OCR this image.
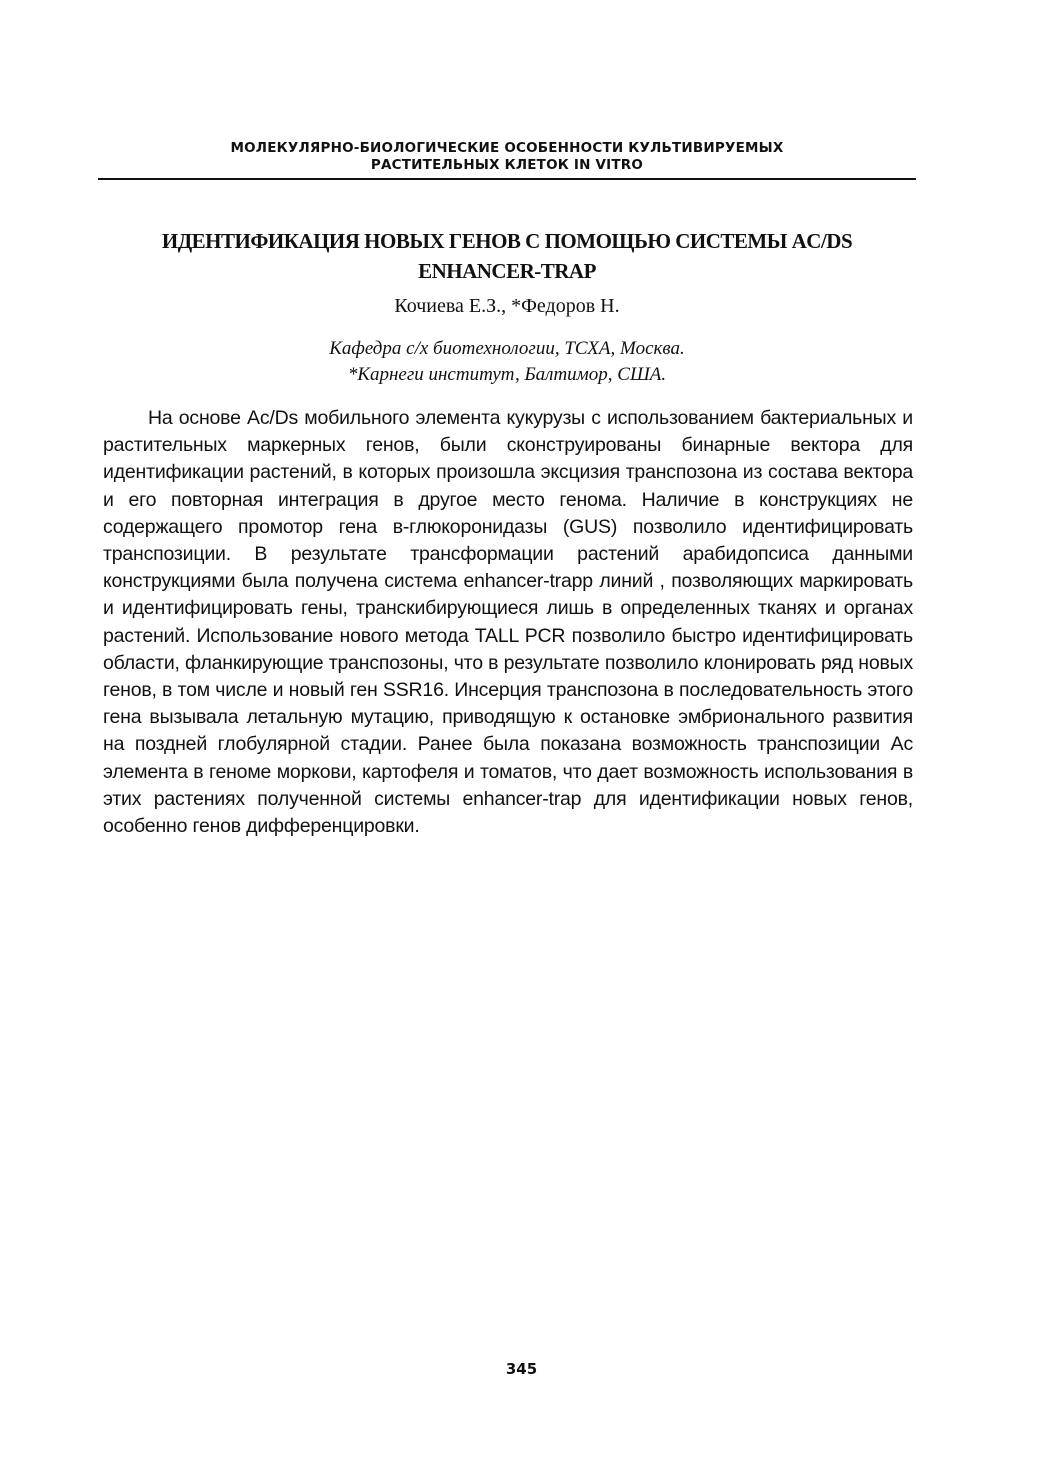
МОЛЕКУЛЯРНО-БИОЛОГИЧЕСКИЕ ОСОБЕННОСТИ КУЛЬТИВИРУЕМЫХ
РАСТИТЕЛЬНЫХ КЛЕТОК IN VITRO
ИДЕНТИФИКАЦИЯ НОВЫХ ГЕНОВ С ПОМОЩЬЮ СИСТЕМЫ AC/DS
ENHANCER-TRAP
Кочиева Е.З., *Федоров Н.
Кафедра с/х биотехнологии, ТСХА, Москва.
*Карнеги институт, Балтимор, США.

На основе Ac/Ds мобильного элемента кукурузы с использованием бактериальных и растительных маркерных генов, были сконструированы бинарные вектора для идентификации растений, в которых произошла эксцизия транспозона из состава вектора и его повторная интеграция в другое место генома. Наличие в конструкциях не содержащего промотор гена в-глюкоронидазы (GUS) позволило идентифицировать транспозиции. В результате трансформации растений арабидопсиса данными конструкциями была получена система enhancer-trapp линий , позволяющих маркировать и идентифицировать гены, транскибирующиеся лишь в определенных тканях и органах растений. Использование нового метода TALL PCR позволило быстро идентифицировать области, фланкирующие транспозоны, что в результате позволило клонировать ряд новых генов, в том числе и новый ген SSR16. Инсерция транспозона в последовательность этого гена вызывала летальную мутацию, приводящую к остановке эмбрионального развития на поздней глобулярной стадии. Ранее была показана возможность транспозиции Ас элемента в геноме моркови, картофеля и томатов, что дает возможность использования в этих растениях полученной системы enhancer-trap для идентификации новых генов, особенно генов дифференцировки.

345
